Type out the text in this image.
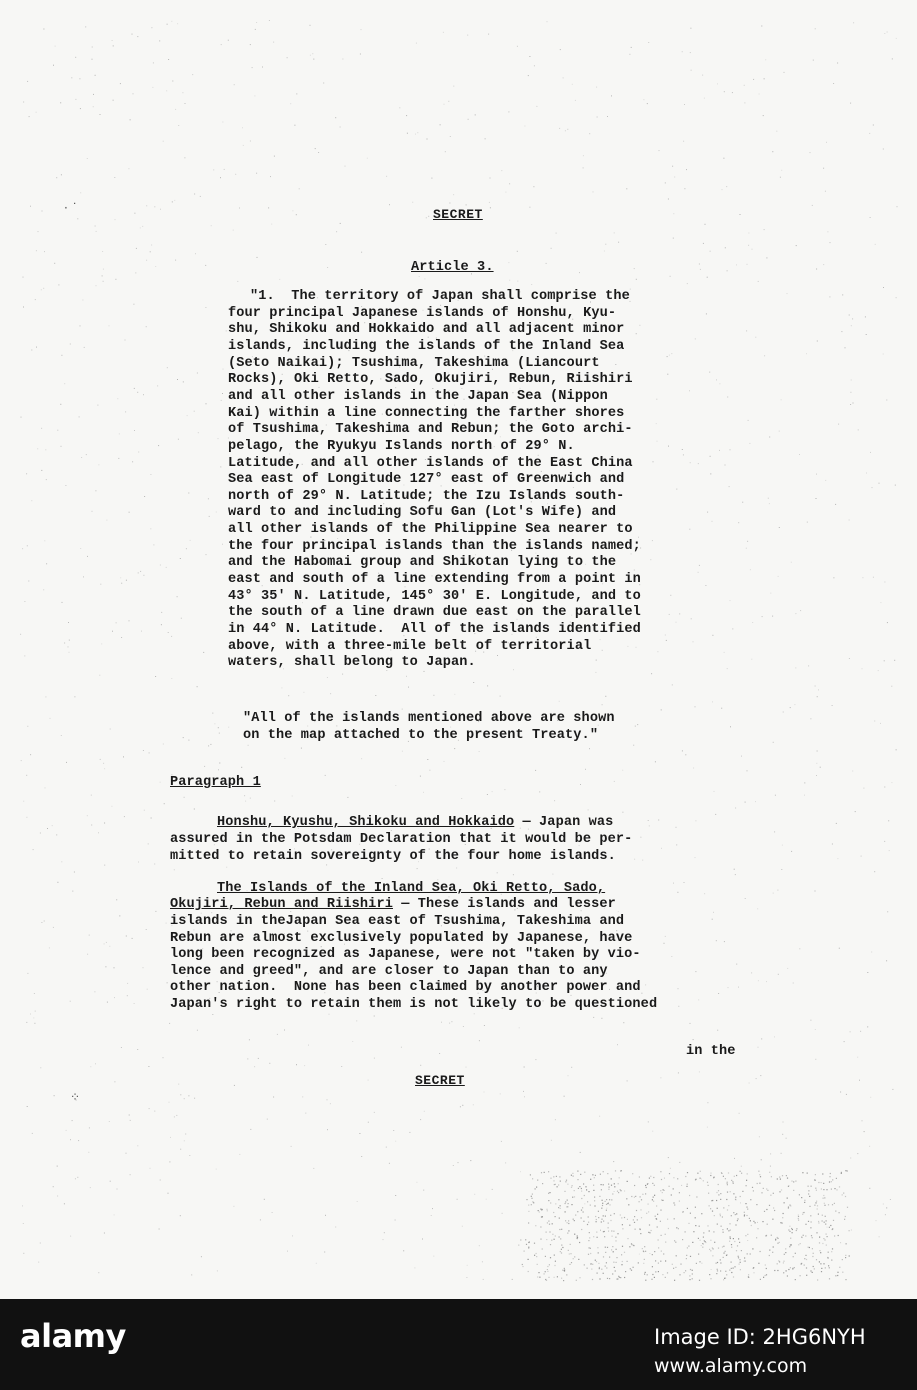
SECRET
Article 3.
"1.  The territory of Japan shall comprise the
four principal Japanese islands of Honshu, Kyu-
shu, Shikoku and Hokkaido and all adjacent minor
islands, including the islands of the Inland Sea
(Seto Naikai); Tsushima, Takeshima (Liancourt
Rocks), Oki Retto, Sado, Okujiri, Rebun, Riishiri
and all other islands in the Japan Sea (Nippon
Kai) within a line connecting the farther shores
of Tsushima, Takeshima and Rebun; the Goto archi-
pelago, the Ryukyu Islands north of 29° N.
Latitude, and all other islands of the East China
Sea east of Longitude 127° east of Greenwich and
north of 29° N. Latitude; the Izu Islands south-
ward to and including Sofu Gan (Lot's Wife) and
all other islands of the Philippine Sea nearer to
the four principal islands than the islands named;
and the Habomai group and Shikotan lying to the
east and south of a line extending from a point in
43° 35' N. Latitude, 145° 30' E. Longitude, and to
the south of a line drawn due east on the parallel
in 44° N. Latitude.  All of the islands identified
above, with a three-mile belt of territorial
waters, shall belong to Japan.
"All of the islands mentioned above are shown
on the map attached to the present Treaty."
Paragraph 1
Honshu, Kyushu, Shikoku and Hokkaido — Japan was
assured in the Potsdam Declaration that it would be per-
mitted to retain sovereignty of the four home islands.
The Islands of the Inland Sea, Oki Retto, Sado,
Okujiri, Rebun and Riishiri — These islands and lesser
islands in theJapan Sea east of Tsushima, Takeshima and
Rebun are almost exclusively populated by Japanese, have
long been recognized as Japanese, were not "taken by vio-
lence and greed", and are closer to Japan than to any
other nation.  None has been claimed by another power and
Japan's right to retain them is not likely to be questioned
in the
SECRET
· ˙
⁘
alamy	Image ID: 2HG6NYH
www.alamy.com
